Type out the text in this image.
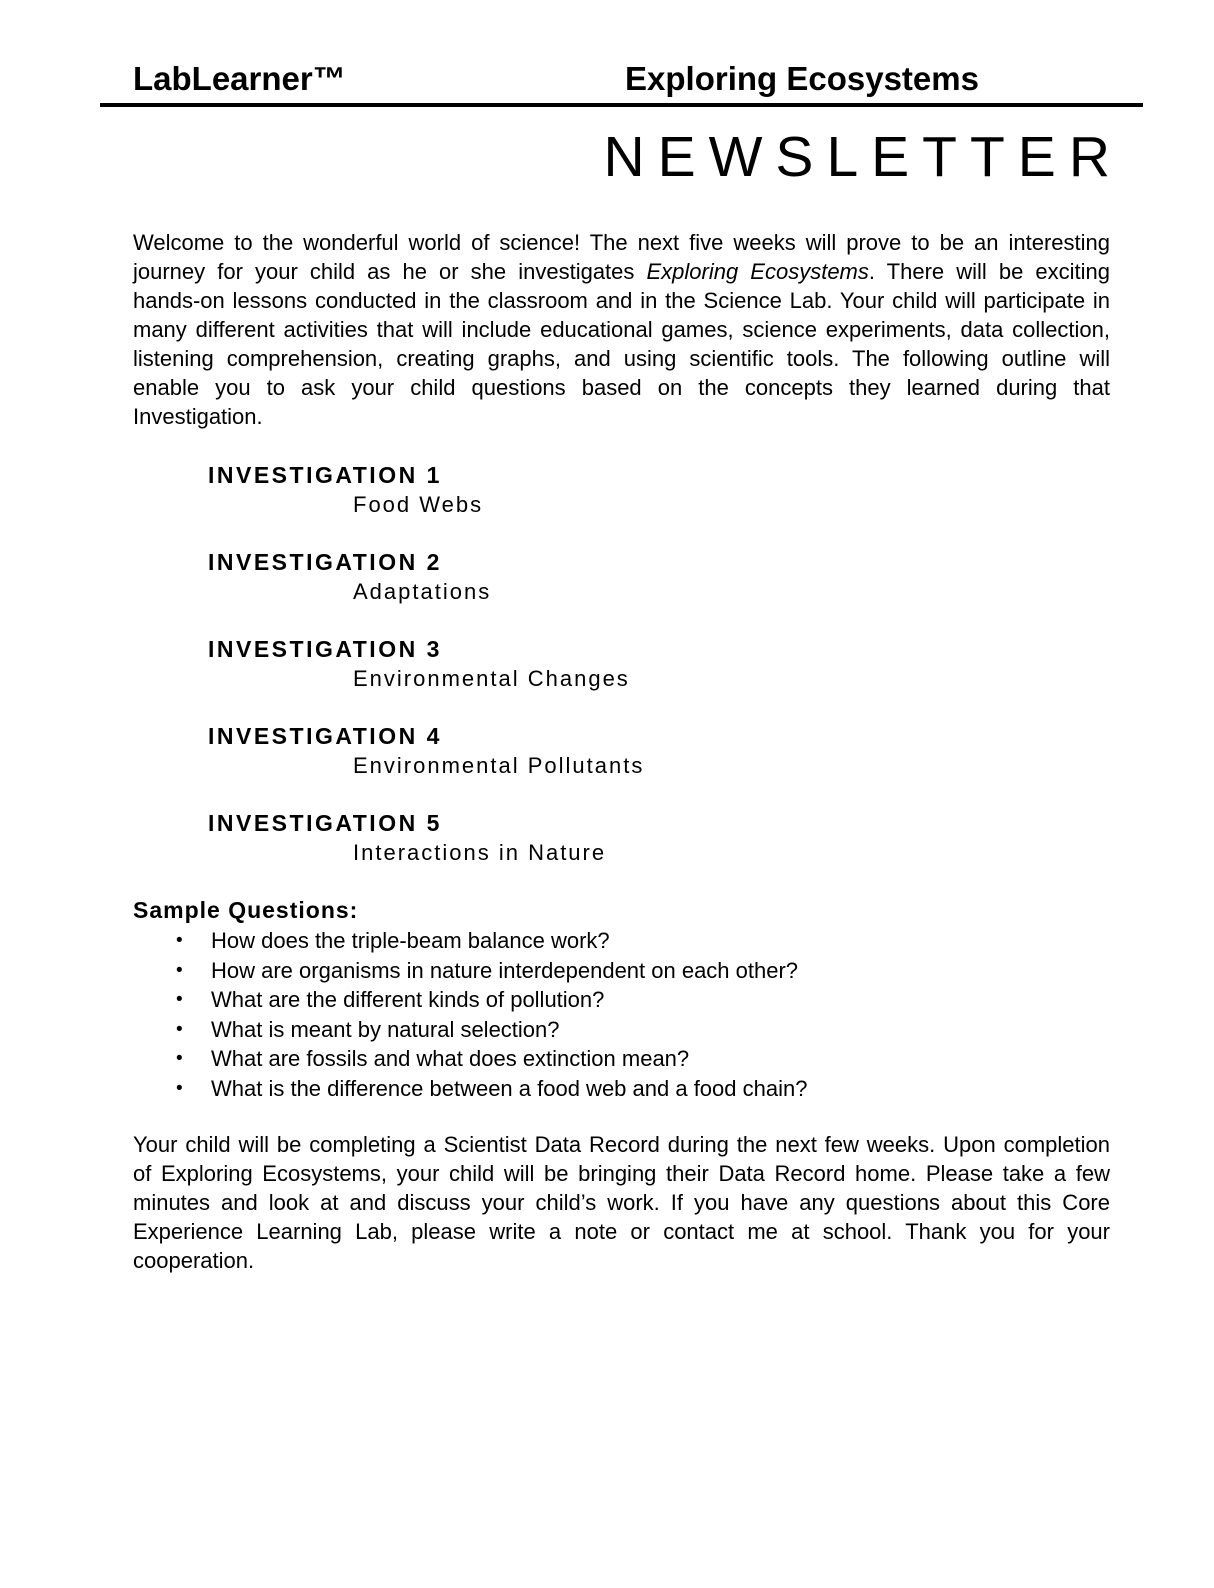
LabLearner™	Exploring Ecosystems
NEWSLETTER

Welcome to the wonderful world of science! The next five weeks will prove to be an interesting journey for your child as he or she investigates Exploring Ecosystems. There will be exciting hands-on lessons conducted in the classroom and in the Science Lab. Your child will participate in many different activities that will include educational games, science experiments, data collection, listening comprehension, creating graphs, and using scientific tools. The following outline will enable you to ask your child questions based on the concepts they learned during that Investigation.

INVESTIGATION 1
Food Webs
INVESTIGATION 2
Adaptations
INVESTIGATION 3
Environmental Changes
INVESTIGATION 4
Environmental Pollutants
INVESTIGATION 5
Interactions in Nature
Sample Questions:
• How does the triple-beam balance work?
• How are organisms in nature interdependent on each other?
• What are the different kinds of pollution?
• What is meant by natural selection?
• What are fossils and what does extinction mean?
• What is the difference between a food web and a food chain?

Your child will be completing a Scientist Data Record during the next few weeks. Upon completion of Exploring Ecosystems, your child will be bringing their Data Record home. Please take a few minutes and look at and discuss your child’s work. If you have any questions about this Core Experience Learning Lab, please write a note or contact me at school. Thank you for your cooperation.
